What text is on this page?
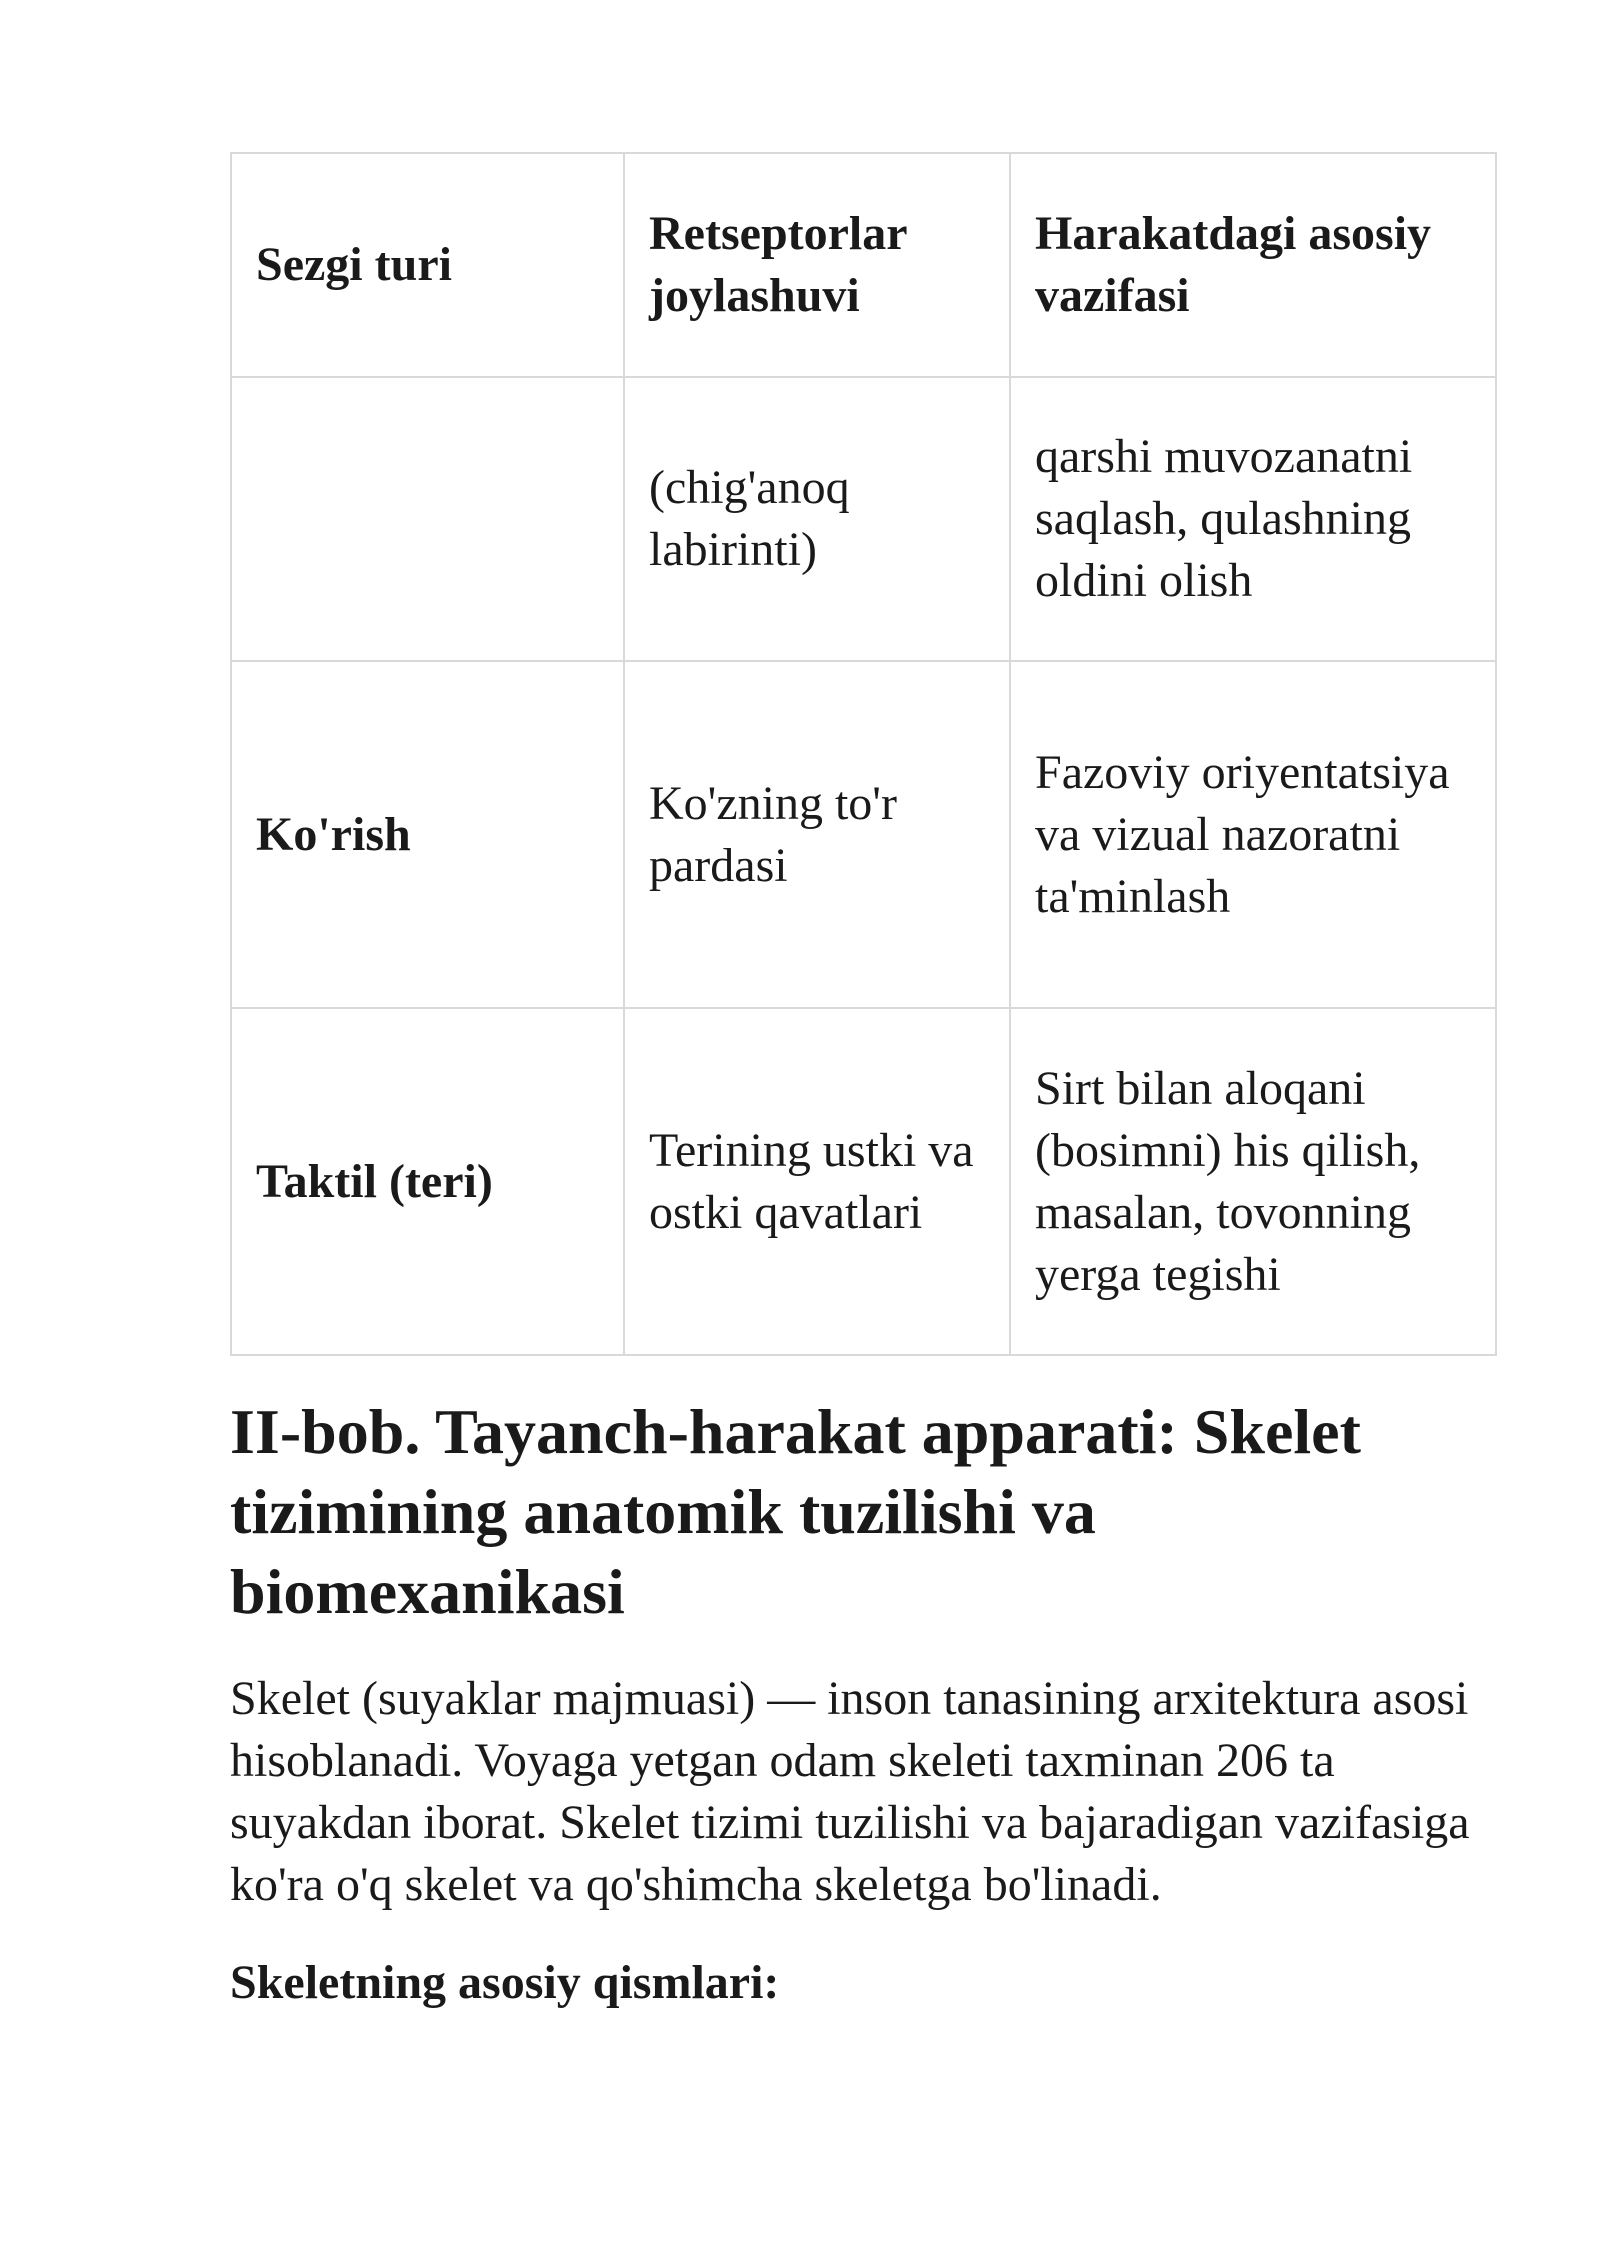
Sezgi turi	Retseptorlar joylashuvi	Harakatdagi asosiy vazifasi
	(chig'anoq labirinti)	qarshi muvozanatni saqlash, qulashning oldini olish
Ko'rish	Ko'zning to'r pardasi	Fazoviy oriyentatsiya va vizual nazoratni ta'minlash
Taktil (teri)	Terining ustki va ostki qavatlari	Sirt bilan aloqani (bosimni) his qilish, masalan, tovonning yerga tegishi
II-bob. Tayanch-harakat apparati: Skelet tizimining anatomik tuzilishi va biomexanikasi

Skelet (suyaklar majmuasi) — inson tanasining arxitektura asosi hisoblanadi. Voyaga yetgan odam skeleti taxminan 206 ta suyakdan iborat. Skelet tizimi tuzilishi va bajaradigan vazifasiga ko'ra o'q skelet va qo'shimcha skeletga bo'linadi.

Skeletning asosiy qismlari:
